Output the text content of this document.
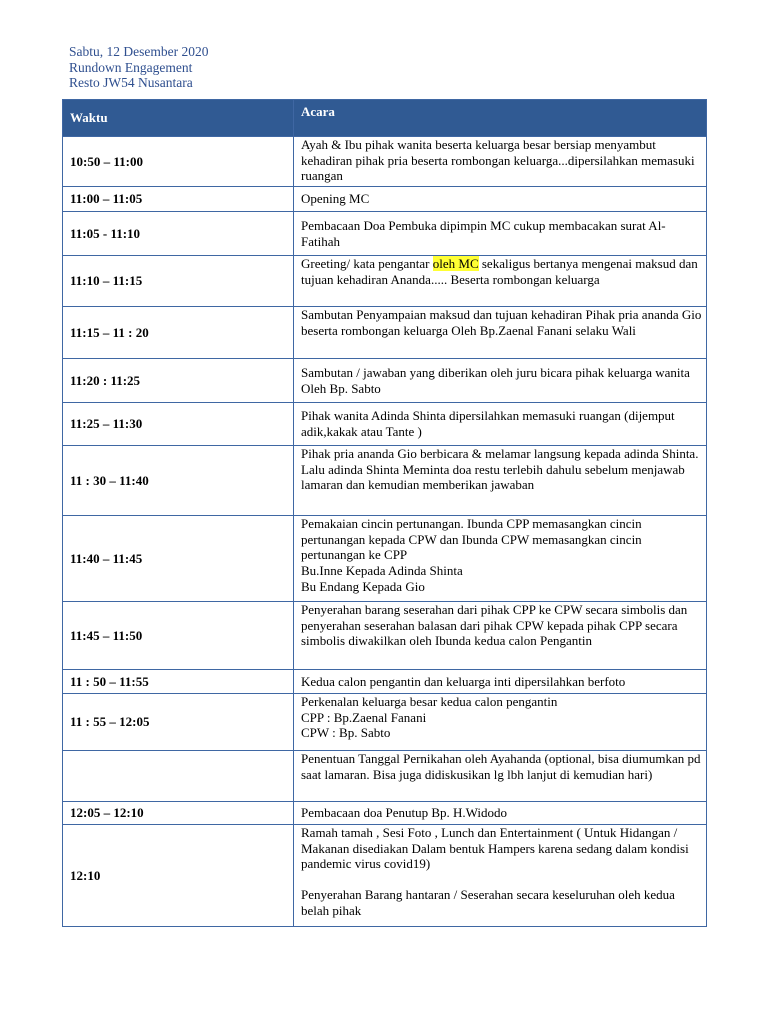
Sabtu, 12 Desember 2020
Rundown Engagement
Resto JW54 Nusantara
Waktu	Acara
10:50 – 11:00	Ayah & Ibu pihak wanita beserta keluarga besar bersiap menyambut kehadiran pihak pria beserta rombongan keluarga...dipersilahkan memasuki ruangan

11:00 – 11:05	Opening MC

11:05 - 11:10	Pembacaan Doa Pembuka dipimpin MC cukup membacakan surat Al- Fatihah

11:10 – 11:15	Greeting/ kata pengantar oleh MC sekaligus bertanya mengenai maksud dan tujuan kehadiran Ananda..... Beserta rombongan keluarga
11:15 – 11 : 20	Sambutan Penyampaian maksud dan tujuan kehadiran Pihak pria ananda Gio beserta rombongan keluarga Oleh Bp.Zaenal Fanani selaku Wali

11:20 : 11:25	Sambutan / jawaban yang diberikan oleh juru bicara pihak keluarga wanita Oleh Bp. Sabto

11:25 – 11:30	Pihak wanita Adinda Shinta dipersilahkan memasuki ruangan (dijemput adik,kakak atau Tante )

11 : 30 – 11:40	Pihak pria ananda Gio berbicara & melamar langsung kepada adinda Shinta.
Lalu adinda Shinta Meminta doa restu terlebih dahulu sebelum menjawab lamaran dan kemudian memberikan jawaban

11:40 – 11:45	Pemakaian cincin pertunangan. Ibunda CPP memasangkan cincin pertunangan kepada CPW dan Ibunda CPW memasangkan cincin pertunangan ke CPP
Bu.Inne Kepada Adinda Shinta
Bu Endang Kepada Gio

11:45 – 11:50	Penyerahan barang seserahan dari pihak CPP ke CPW secara simbolis dan penyerahan seserahan balasan dari pihak CPW kepada pihak CPP secara simbolis diwakilkan oleh Ibunda kedua calon Pengantin

11 : 50 – 11:55	Kedua calon pengantin dan keluarga inti dipersilahkan berfoto

11 : 55 – 12:05	Perkenalan keluarga besar kedua calon pengantin
CPP : Bp.Zaenal Fanani
CPW : Bp. Sabto

	Penentuan Tanggal Pernikahan oleh Ayahanda (optional, bisa diumumkan pd saat lamaran. Bisa juga didiskusikan lg lbh lanjut di kemudian hari)

12:05 – 12:10	Pembacaan doa Penutup Bp. H.Widodo

12:10	Ramah tamah , Sesi Foto , Lunch dan Entertainment ( Untuk Hidangan / Makanan disediakan Dalam bentuk Hampers karena sedang dalam kondisi pandemic virus covid19)
Penyerahan Barang hantaran / Seserahan secara keseluruhan oleh kedua belah pihak
